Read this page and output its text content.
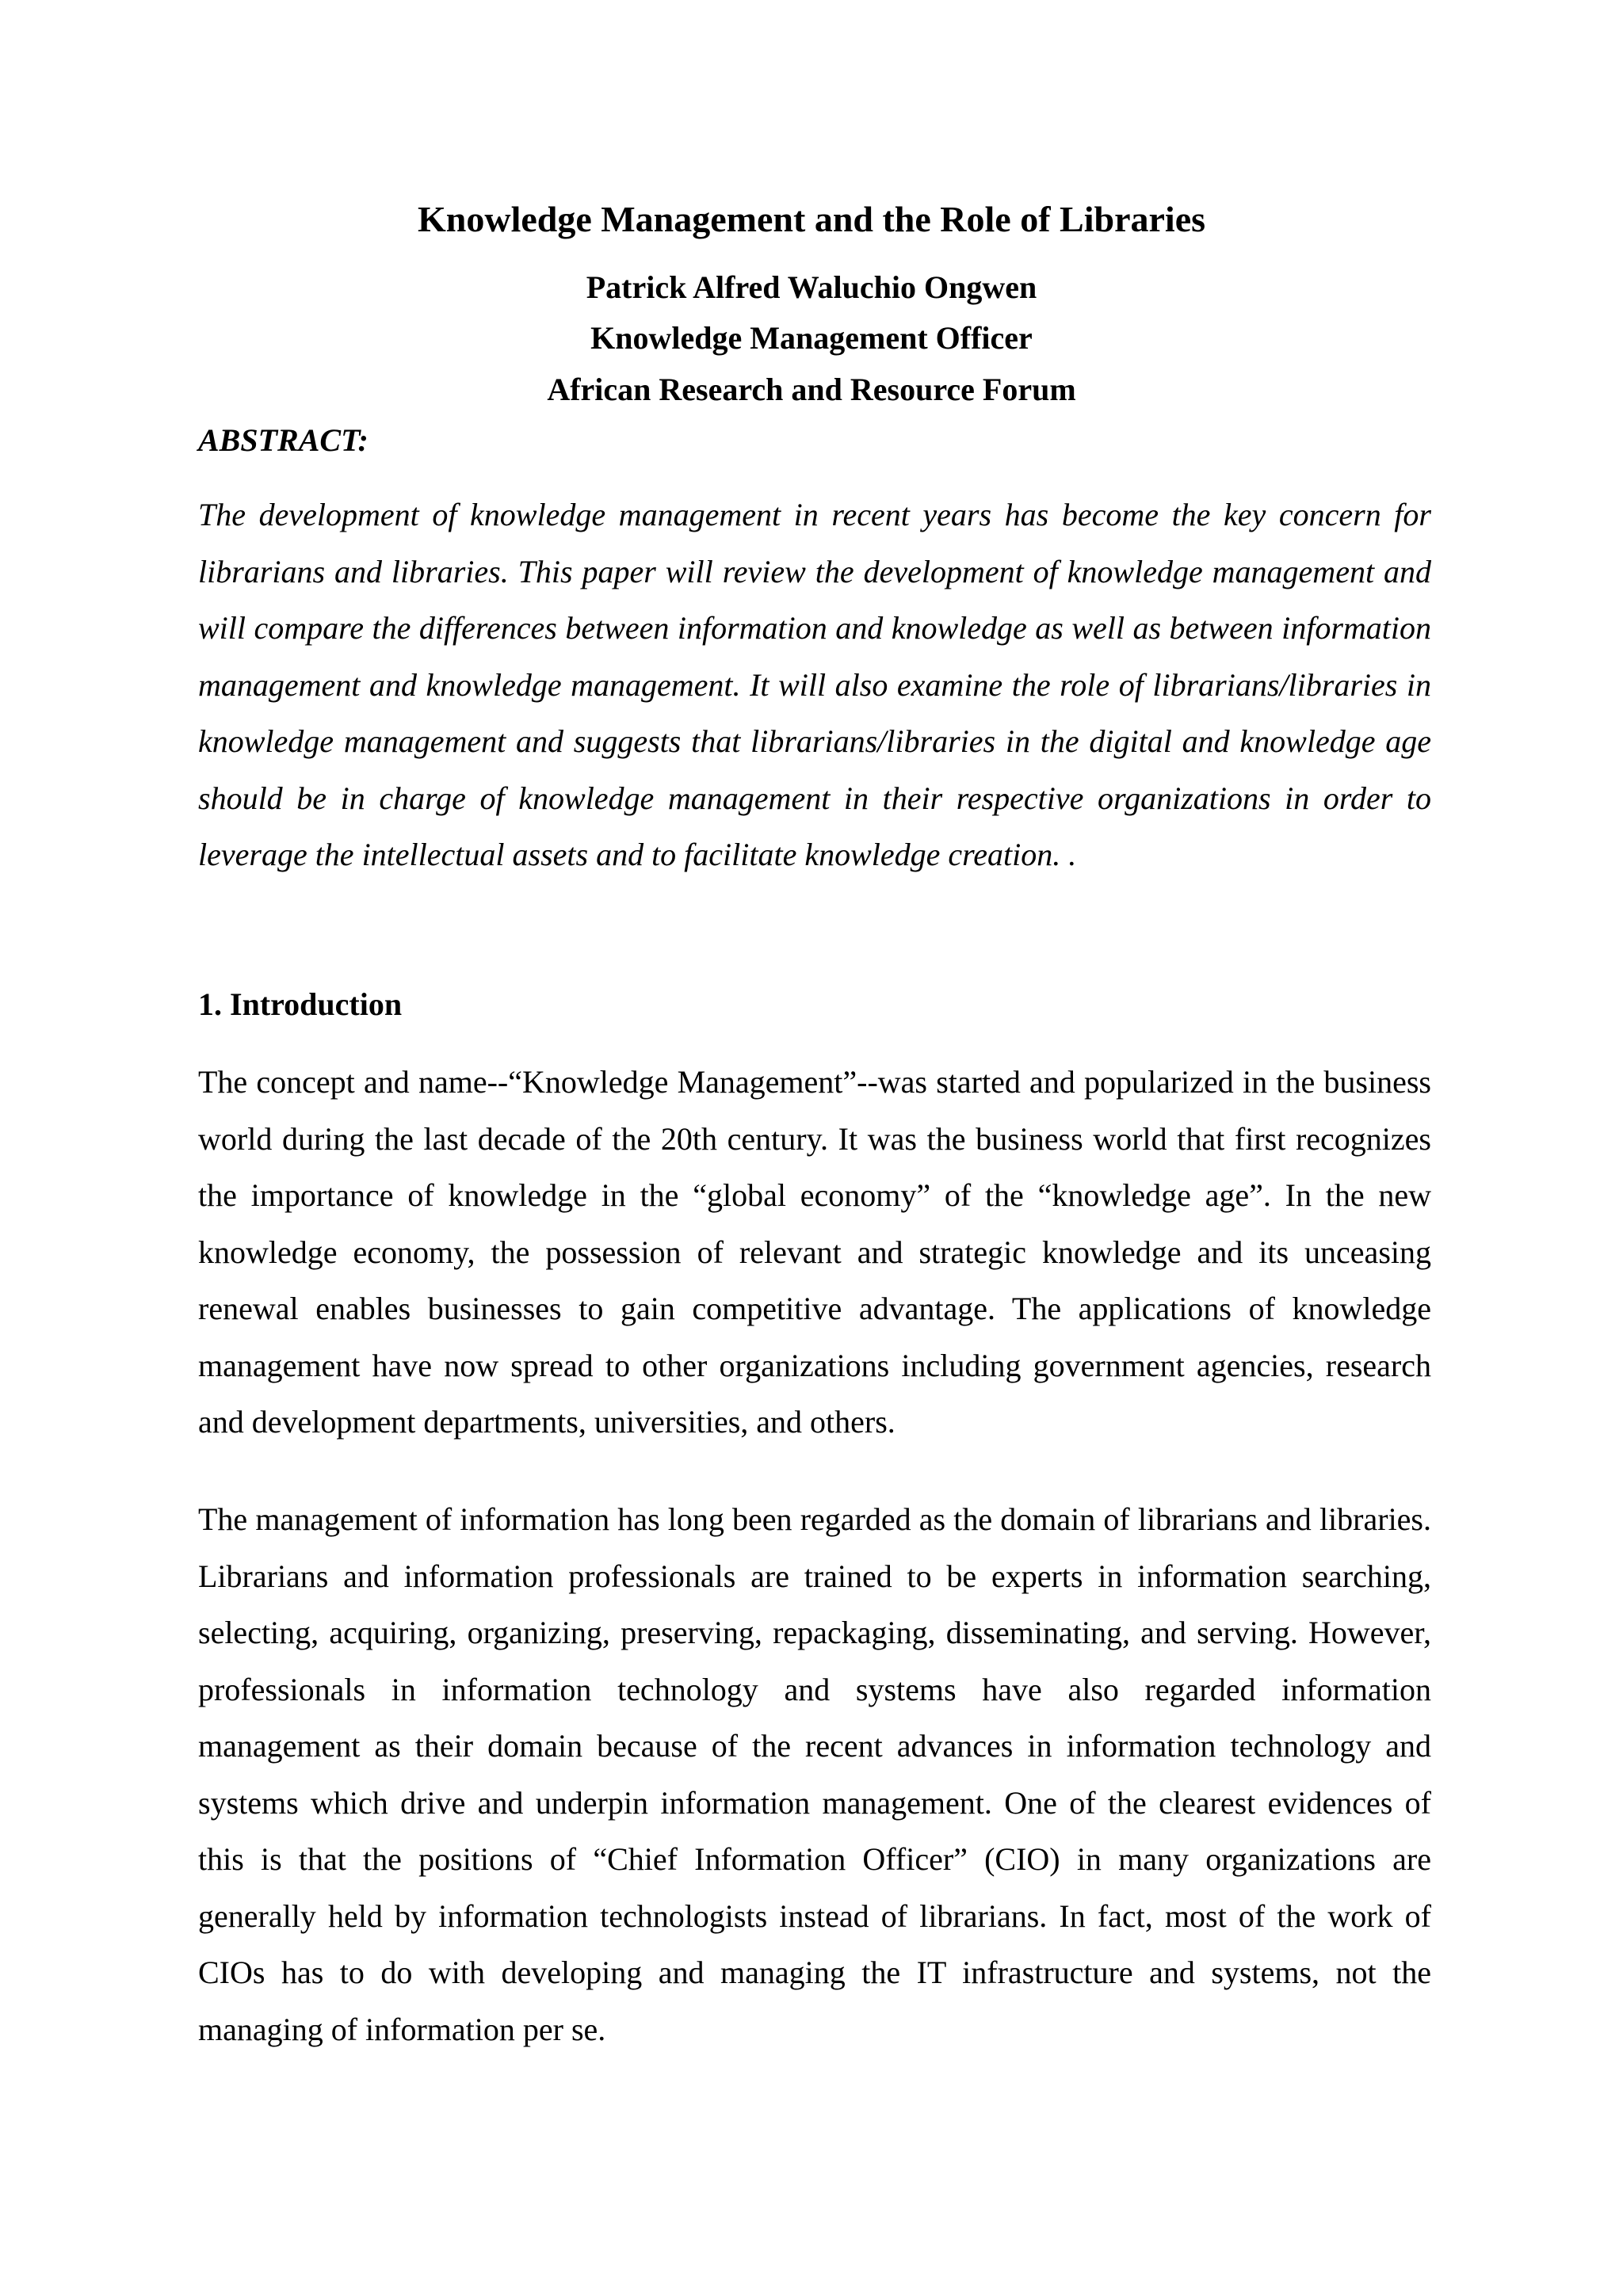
Knowledge Management and the Role of Libraries

Patrick Alfred Waluchio Ongwen

Knowledge Management Officer

African Research and Resource Forum

ABSTRACT:

The development of knowledge management in recent years has become the key concern for librarians and libraries. This paper will review the development of knowledge management and will compare the differences between information and knowledge as well as between information management and knowledge management. It will also examine the role of librarians/libraries in knowledge management and suggests that librarians/libraries in the digital and knowledge age should be in charge of knowledge management in their respective organizations in order to leverage the intellectual assets and to facilitate knowledge creation. .

1. Introduction

The concept and name--“Knowledge Management”--was started and popularized in the business world during the last decade of the 20th century. It was the business world that first recognizes the importance of knowledge in the “global economy” of the “knowledge age”. In the new knowledge economy, the possession of relevant and strategic knowledge and its unceasing renewal enables businesses to gain competitive advantage. The applications of knowledge management have now spread to other organizations including government agencies, research and development departments, universities, and others.

The management of information has long been regarded as the domain of librarians and libraries. Librarians and information professionals are trained to be experts in information searching, selecting, acquiring, organizing, preserving, repackaging, disseminating, and serving. However, professionals in information technology and systems have also regarded information management as their domain because of the recent advances in information technology and systems which drive and underpin information management. One of the clearest evidences of this is that the positions of “Chief Information Officer” (CIO) in many organizations are generally held by information technologists instead of librarians. In fact, most of the work of CIOs has to do with developing and managing the IT infrastructure and systems, not the managing of information per se.
